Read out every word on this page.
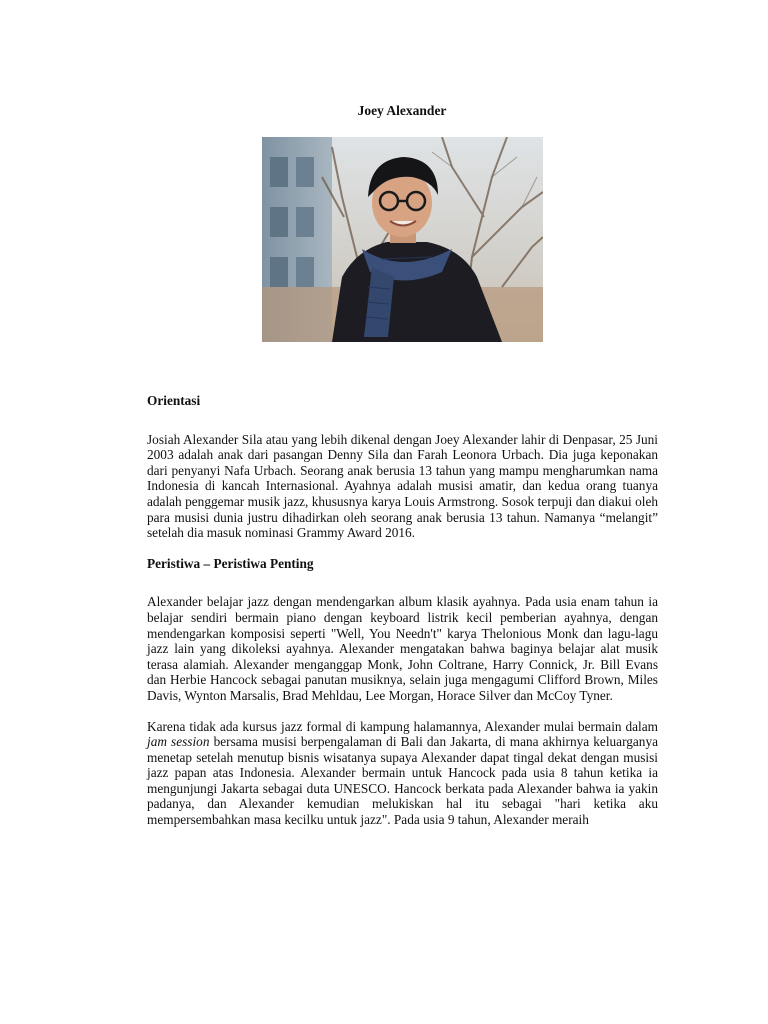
Joey Alexander

Orientasi

Josiah Alexander Sila atau yang lebih dikenal dengan Joey Alexander lahir di Denpasar, 25 Juni 2003 adalah anak dari pasangan Denny Sila dan Farah Leonora Urbach. Dia juga keponakan dari penyanyi Nafa Urbach. Seorang anak berusia 13 tahun yang mampu mengharumkan nama Indonesia di kancah Internasional. Ayahnya adalah musisi amatir, dan kedua orang tuanya adalah penggemar musik jazz, khususnya karya Louis Armstrong. Sosok terpuji dan diakui oleh para musisi dunia justru dihadirkan oleh seorang anak berusia 13 tahun. Namanya “melangit” setelah dia masuk nominasi Grammy Award 2016.

Peristiwa – Peristiwa Penting

Alexander belajar jazz dengan mendengarkan album klasik ayahnya. Pada usia enam tahun ia belajar sendiri bermain piano dengan keyboard listrik kecil pemberian ayahnya, dengan mendengarkan komposisi seperti "Well, You Needn't" karya Thelonious Monk dan lagu-lagu jazz lain yang dikoleksi ayahnya. Alexander mengatakan bahwa baginya belajar alat musik terasa alamiah. Alexander menganggap Monk, John Coltrane, Harry Connick, Jr. Bill Evans dan Herbie Hancock sebagai panutan musiknya, selain juga mengagumi Clifford Brown, Miles Davis, Wynton Marsalis, Brad Mehldau, Lee Morgan, Horace Silver dan McCoy Tyner.

Karena tidak ada kursus jazz formal di kampung halamannya, Alexander mulai bermain dalam jam session bersama musisi berpengalaman di Bali dan Jakarta, di mana akhirnya keluarganya menetap setelah menutup bisnis wisatanya supaya Alexander dapat tingal dekat dengan musisi jazz papan atas Indonesia. Alexander bermain untuk Hancock pada usia 8 tahun ketika ia mengunjungi Jakarta sebagai duta UNESCO. Hancock berkata pada Alexander bahwa ia yakin padanya, dan Alexander kemudian melukiskan hal itu sebagai "hari ketika aku mempersembahkan masa kecilku untuk jazz". Pada usia 9 tahun, Alexander meraih
